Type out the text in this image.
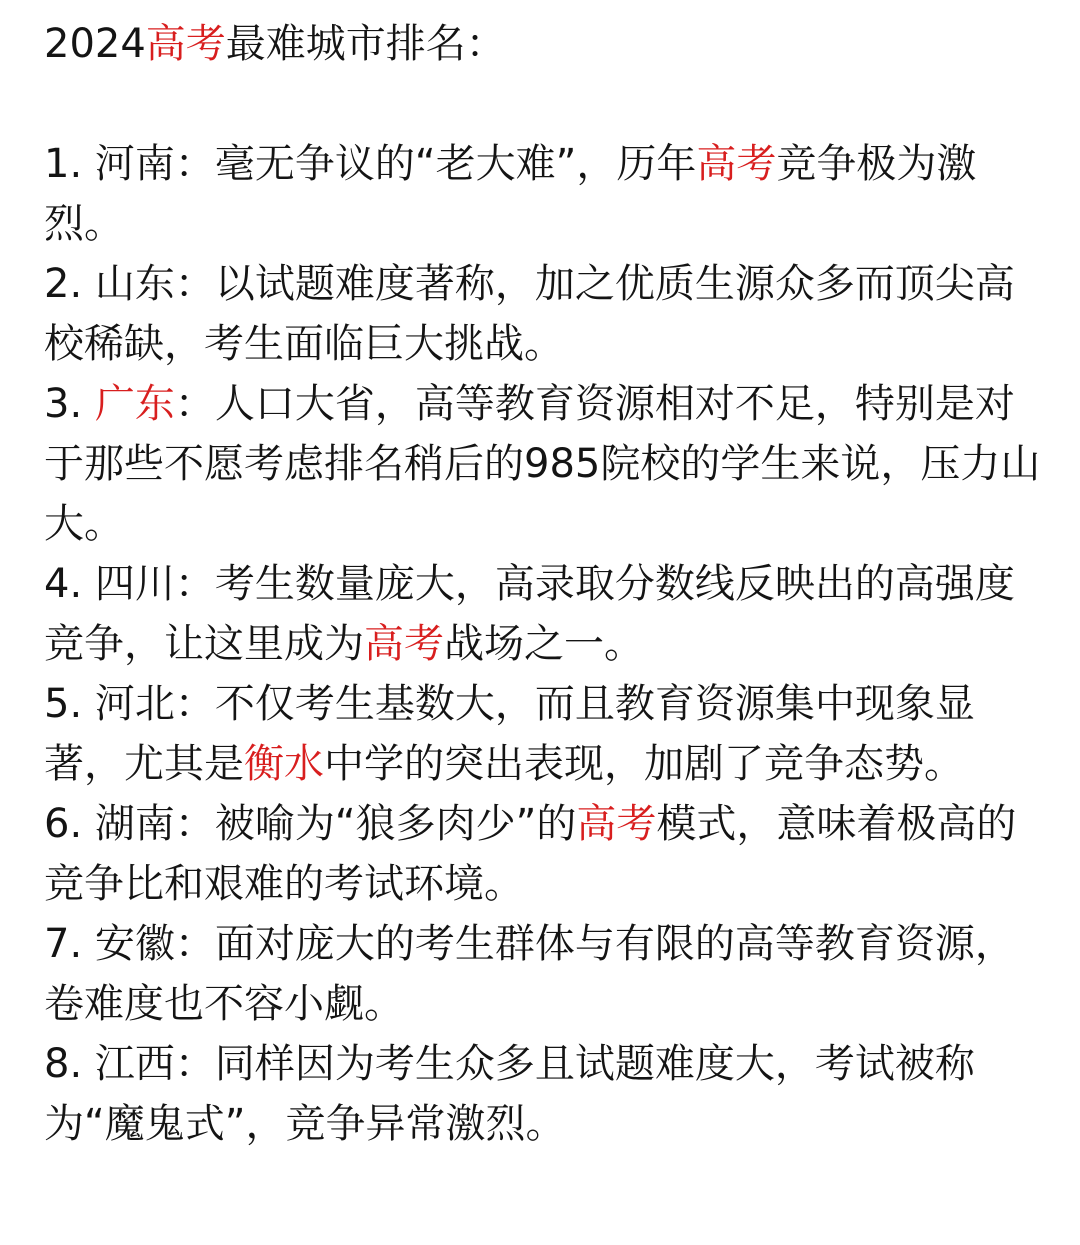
2024高考最难城市排名：

1. 河南：毫无争议的“老大难”，历年高考竞争极为激烈。

2. 山东：以试题难度著称，加之优质生源众多而顶尖高校稀缺，考生面临巨大挑战。

3. 广东：人口大省，高等教育资源相对不足，特别是对于那些不愿考虑排名稍后的985院校的学生来说，压力山大。

4. 四川：考生数量庞大，高录取分数线反映出的高强度竞争，让这里成为高考战场之一。

5. 河北：不仅考生基数大，而且教育资源集中现象显著，尤其是衡水中学的突出表现，加剧了竞争态势。

6. 湖南：被喻为“狼多肉少”的高考模式，意味着极高的竞争比和艰难的考试环境。

7. 安徽：面对庞大的考生群体与有限的高等教育资源，卷难度也不容小觑。

8. 江西：同样因为考生众多且试题难度大，考试被称为“魔鬼式”，竞争异常激烈。
